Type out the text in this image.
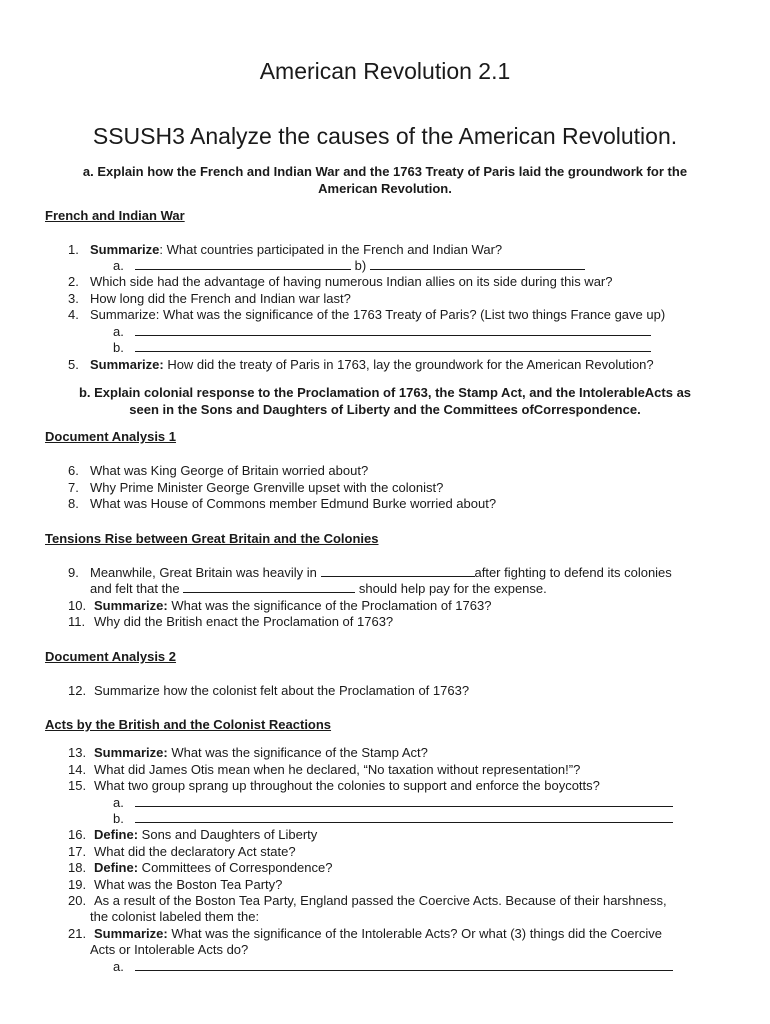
American Revolution 2.1
SSUSH3 Analyze the causes of the American Revolution.
a. Explain how the French and Indian War and the 1763 Treaty of Paris laid the groundwork for the
American Revolution.
French and Indian War
1. Summarize: What countries participated in the French and Indian War?
a.	b)
2. Which side had the advantage of having numerous Indian allies on its side during this war?
3. How long did the French and Indian war last?
4. Summarize: What was the significance of the 1763 Treaty of Paris? (List two things France gave up)
a.
b.
5. Summarize: How did the treaty of Paris in 1763, lay the groundwork for the American Revolution?
b. Explain colonial response to the Proclamation of 1763, the Stamp Act, and the IntolerableActs as
seen in the Sons and Daughters of Liberty and the Committees ofCorrespondence.
Document Analysis 1
6. What was King George of Britain worried about?
7. Why Prime Minister George Grenville upset with the colonist?
8. What was House of Commons member Edmund Burke worried about?
Tensions Rise between Great Britain and the Colonies
9. Meanwhile, Great Britain was heavily in	after fighting to defend its colonies
and felt that the	should help pay for the expense.
10. Summarize: What was the significance of the Proclamation of 1763?
11. Why did the British enact the Proclamation of 1763?
Document Analysis 2
12. Summarize how the colonist felt about the Proclamation of 1763?
Acts by the British and the Colonist Reactions
13. Summarize: What was the significance of the Stamp Act?
14. What did James Otis mean when he declared, “No taxation without representation!”?
15. What two group sprang up throughout the colonies to support and enforce the boycotts?
a.
b.
16. Define: Sons and Daughters of Liberty
17. What did the declaratory Act state?
18. Define: Committees of Correspondence?
19. What was the Boston Tea Party?
20. As a result of the Boston Tea Party, England passed the Coercive Acts. Because of their harshness,
the colonist labeled them the:
21. Summarize: What was the significance of the Intolerable Acts? Or what (3) things did the Coercive
Acts or Intolerable Acts do?
a.
